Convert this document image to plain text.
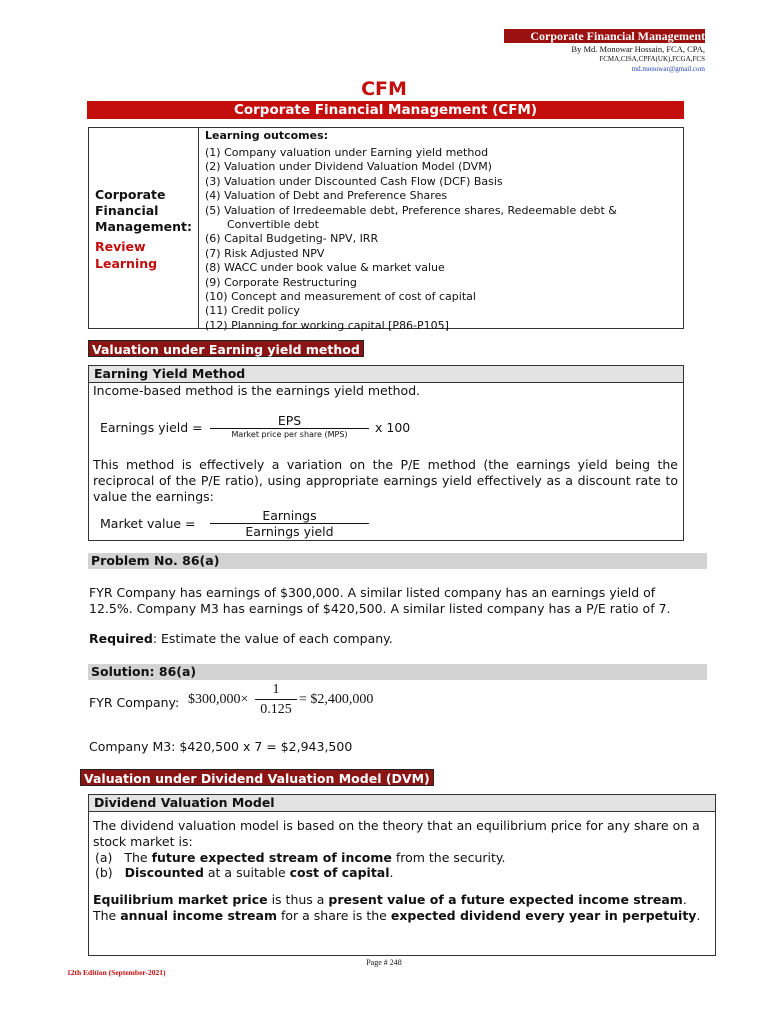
Corporate Financial Management
By Md. Monowar Hossain, FCA, CPA,
FCMA,CISA,CPFA(UK),FCGA,FCS
md.monowar@gmail.com
CFM
Corporate Financial Management (CFM)
Corporate
Financial
Management:
Review
Learning
Learning outcomes:
(1) Company valuation under Earning yield method
(2) Valuation under Dividend Valuation Model (DVM)
(3) Valuation under Discounted Cash Flow (DCF) Basis
(4) Valuation of Debt and Preference Shares
(5) Valuation of Irredeemable debt, Preference shares, Redeemable debt &
Convertible debt
(6) Capital Budgeting- NPV, IRR
(7) Risk Adjusted NPV
(8) WACC under book value & market value
(9) Corporate Restructuring
(10) Concept and measurement of cost of capital
(11) Credit policy
(12) Planning for working capital [P86-P105]
Valuation under Earning yield method
Earning Yield Method
Income-based method is the earnings yield method.
Earnings yield =	EPS
Market price per share (MPS)	x 100
This method is effectively a variation on the P/E method (the earnings yield being the reciprocal of the P/E ratio), using appropriate earnings yield effectively as a discount rate to value the earnings:
Market value =
Earnings
Earnings yield
Problem No. 86(a)
FYR Company has earnings of $300,000. A similar listed company has an earnings yield of 12.5%. Company M3 has earnings of $420,500. A similar listed company has a P/E ratio of 7.
Required: Estimate the value of each company.
Solution: 86(a)
FYR Company: $300,000× $\frac{1}{0.125}$ = $2,400,000
Company M3: $420,500 x 7 = $2,943,500
Valuation under Dividend Valuation Model (DVM)
Dividend Valuation Model
The dividend valuation model is based on the theory that an equilibrium price for any share on a stock market is:
(a) The future expected stream of income from the security.
(b) Discounted at a suitable cost of capital.
Equilibrium market price is thus a present value of a future expected income stream. The annual income stream for a share is the expected dividend every year in perpetuity.
Page # 248
12th Edition (September-2021)
